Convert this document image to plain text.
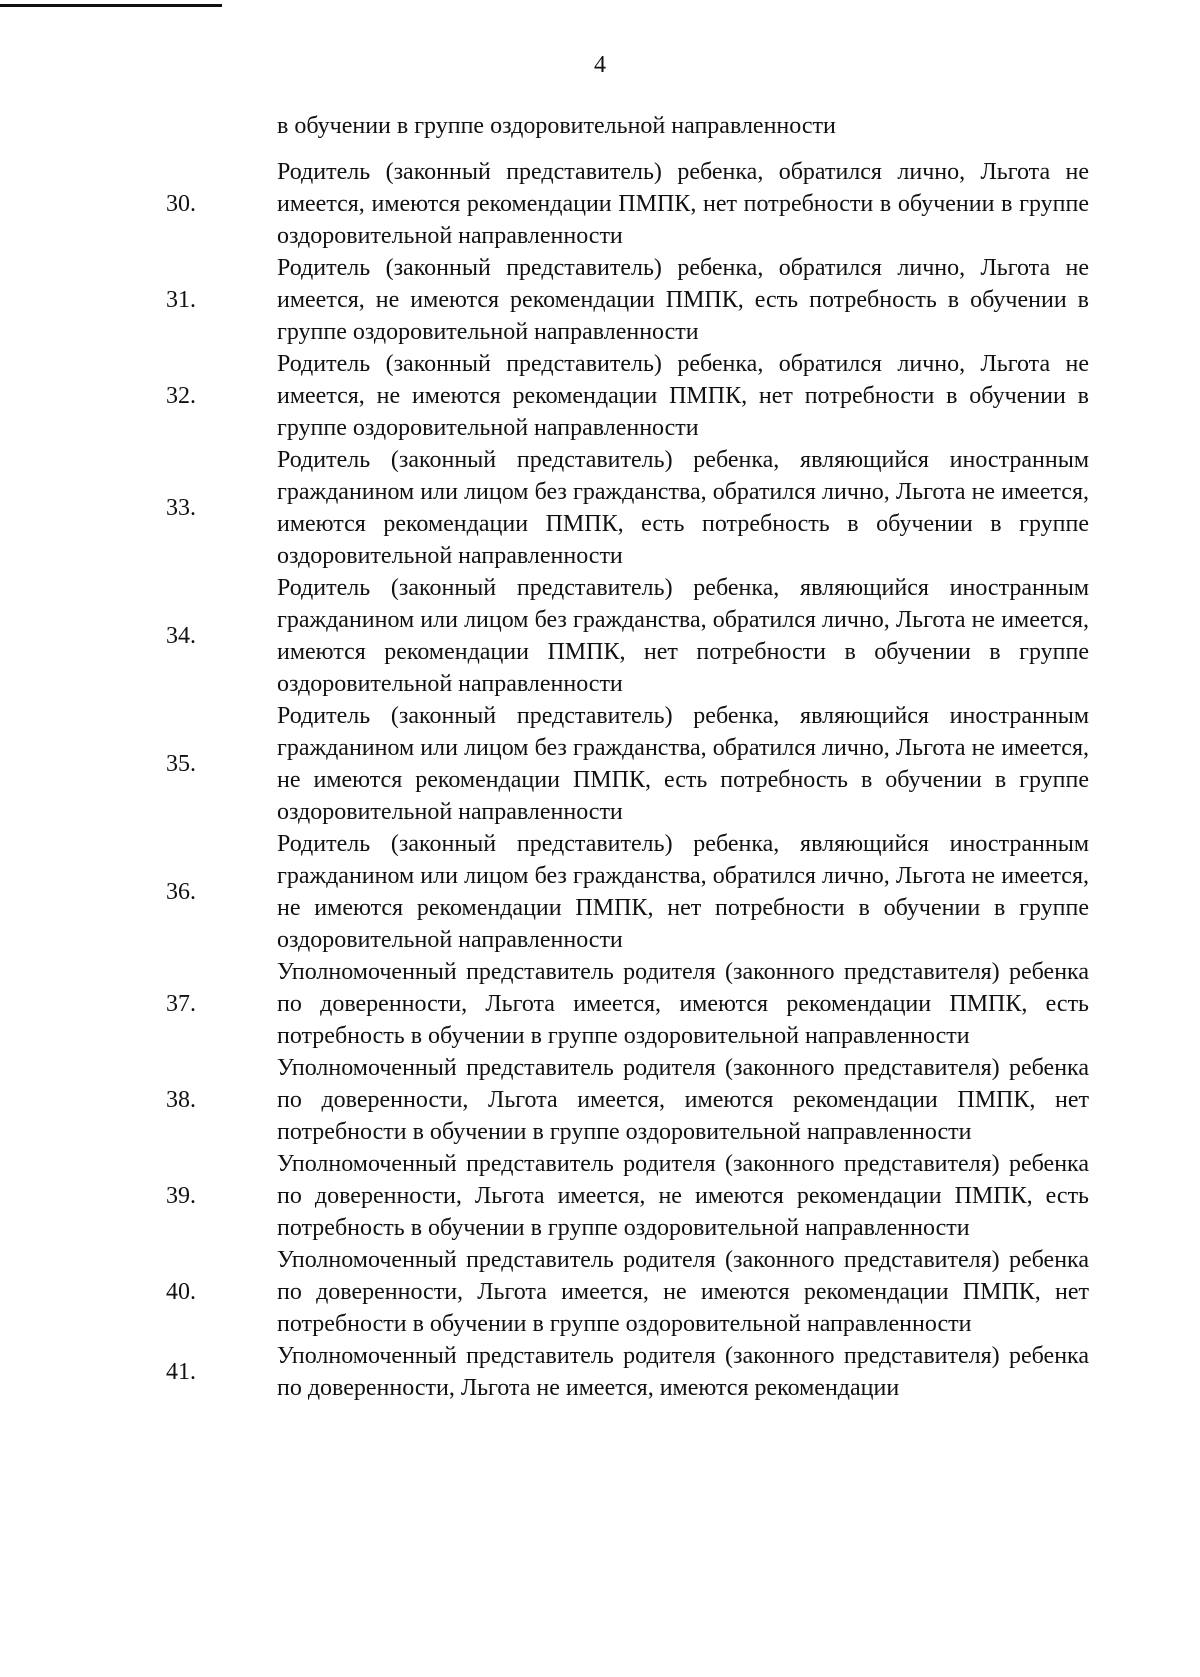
4
в обучении в группе оздоровительной направленности
30.
Родитель (законный представитель) ребенка, обратился лично, Льгота не имеется, имеются рекомендации ПМПК, нет потребности в обучении в группе оздоровительной направленности
31.
Родитель (законный представитель) ребенка, обратился лично, Льгота не имеется, не имеются рекомендации ПМПК, есть потребность в обучении в группе оздоровительной направленности
32.
Родитель (законный представитель) ребенка, обратился лично, Льгота не имеется, не имеются рекомендации ПМПК, нет потребности в обучении в группе оздоровительной направленности
33.
Родитель (законный представитель) ребенка, являющийся иностранным гражданином или лицом без гражданства, обратился лично, Льгота не имеется, имеются рекомендации ПМПК, есть потребность в обучении в группе оздоровительной направленности
34.
Родитель (законный представитель) ребенка, являющийся иностранным гражданином или лицом без гражданства, обратился лично, Льгота не имеется, имеются рекомендации ПМПК, нет потребности в обучении в группе оздоровительной направленности
35.
Родитель (законный представитель) ребенка, являющийся иностранным гражданином или лицом без гражданства, обратился лично, Льгота не имеется, не имеются рекомендации ПМПК, есть потребность в обучении в группе оздоровительной направленности
36.
Родитель (законный представитель) ребенка, являющийся иностранным гражданином или лицом без гражданства, обратился лично, Льгота не имеется, не имеются рекомендации ПМПК, нет потребности в обучении в группе оздоровительной направленности
37.
Уполномоченный представитель родителя (законного представителя) ребенка по доверенности, Льгота имеется, имеются рекомендации ПМПК, есть потребность в обучении в группе оздоровительной направленности
38.
Уполномоченный представитель родителя (законного представителя) ребенка по доверенности, Льгота имеется, имеются рекомендации ПМПК, нет потребности в обучении в группе оздоровительной направленности
39.
Уполномоченный представитель родителя (законного представителя) ребенка по доверенности, Льгота имеется, не имеются рекомендации ПМПК, есть потребность в обучении в группе оздоровительной направленности
40.
Уполномоченный представитель родителя (законного представителя) ребенка по доверенности, Льгота имеется, не имеются рекомендации ПМПК, нет потребности в обучении в группе оздоровительной направленности
41.
Уполномоченный представитель родителя (законного представителя) ребенка по доверенности, Льгота не имеется, имеются рекомендации
